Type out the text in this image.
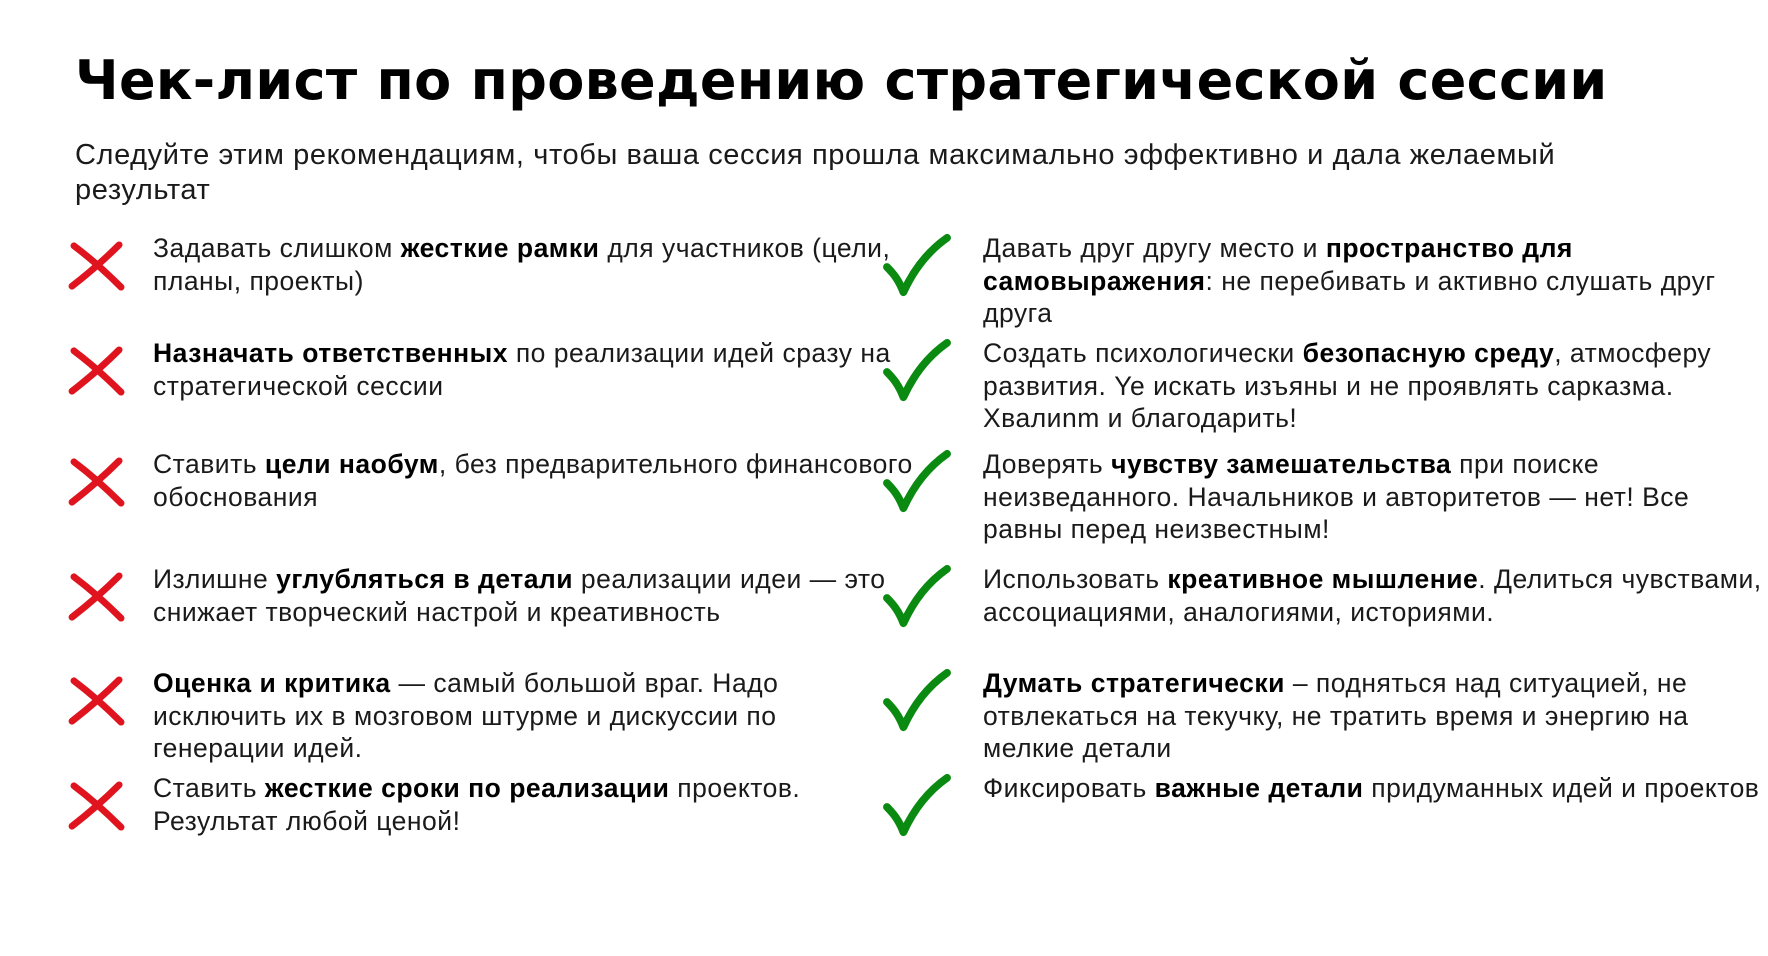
Чек-лист по проведению стратегической сессии

Следуйте этим рекомендациям, чтобы ваша сессия прошла максимально эффективно и дала желаемый результат

Задавать слишком жесткие рамки для участников (цели, планы, проекты)

Назначать ответственных по реализации идей сразу на стратегической сессии

Ставить цели наобум, без предварительного финансового обоснования

Излишне углубляться в детали реализации идеи — это снижает творческий настрой и креативность

Оценка и критика — самый большой враг. Надо исключить их в мозговом штурме и дискуссии по генерации идей.

Ставить жесткие сроки по реализации проектов. Результат любой ценой!

Давать друг другу место и пространство для самовыражения: не перебивать и активно слушать друг друга

Создать психологически безопасную среду, атмосферу развития. Ye искать изъяны и не проявлять сарказма. Хвалиnm и благодарить!

Доверять чувству замешательства при поиске неизведанного. Начальников и авторитетов — нет! Все равны перед неизвестным!

Использовать креативное мышление. Делиться чувствами, ассоциациями, аналогиями, историями.

Думать стратегически – подняться над ситуацией, не отвлекаться на текучку, не тратить время и энергию на мелкие детали

Фиксировать важные детали придуманных идей и проектов
